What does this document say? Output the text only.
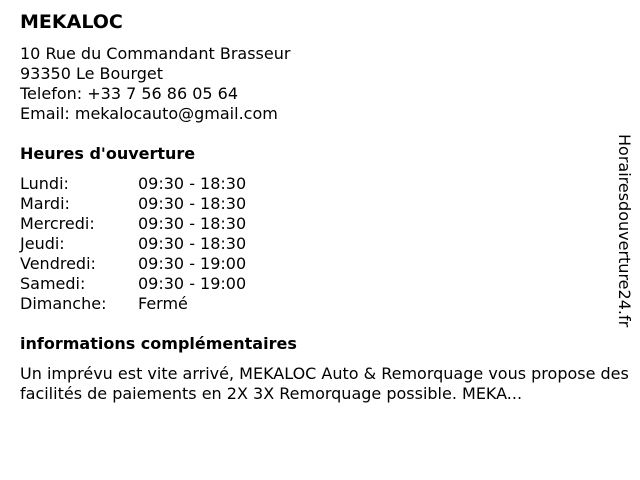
MEKALOC
10 Rue du Commandant Brasseur
93350 Le Bourget
Telefon: +33 7 56 86 05 64
Email: mekalocauto@gmail.com
Heures d'ouverture
Lundi:	09:30 - 18:30
Mardi:	09:30 - 18:30
Mercredi:	09:30 - 18:30
Jeudi:	09:30 - 18:30
Vendredi:	09:30 - 19:00
Samedi:	09:30 - 19:00
Dimanche:	Fermé
informations complémentaires
Un imprévu est vite arrivé, MEKALOC Auto & Remorquage vous propose des facilités de paiements en 2X 3X Remorquage possible. MEKA...
Horairesdouverture24.fr
